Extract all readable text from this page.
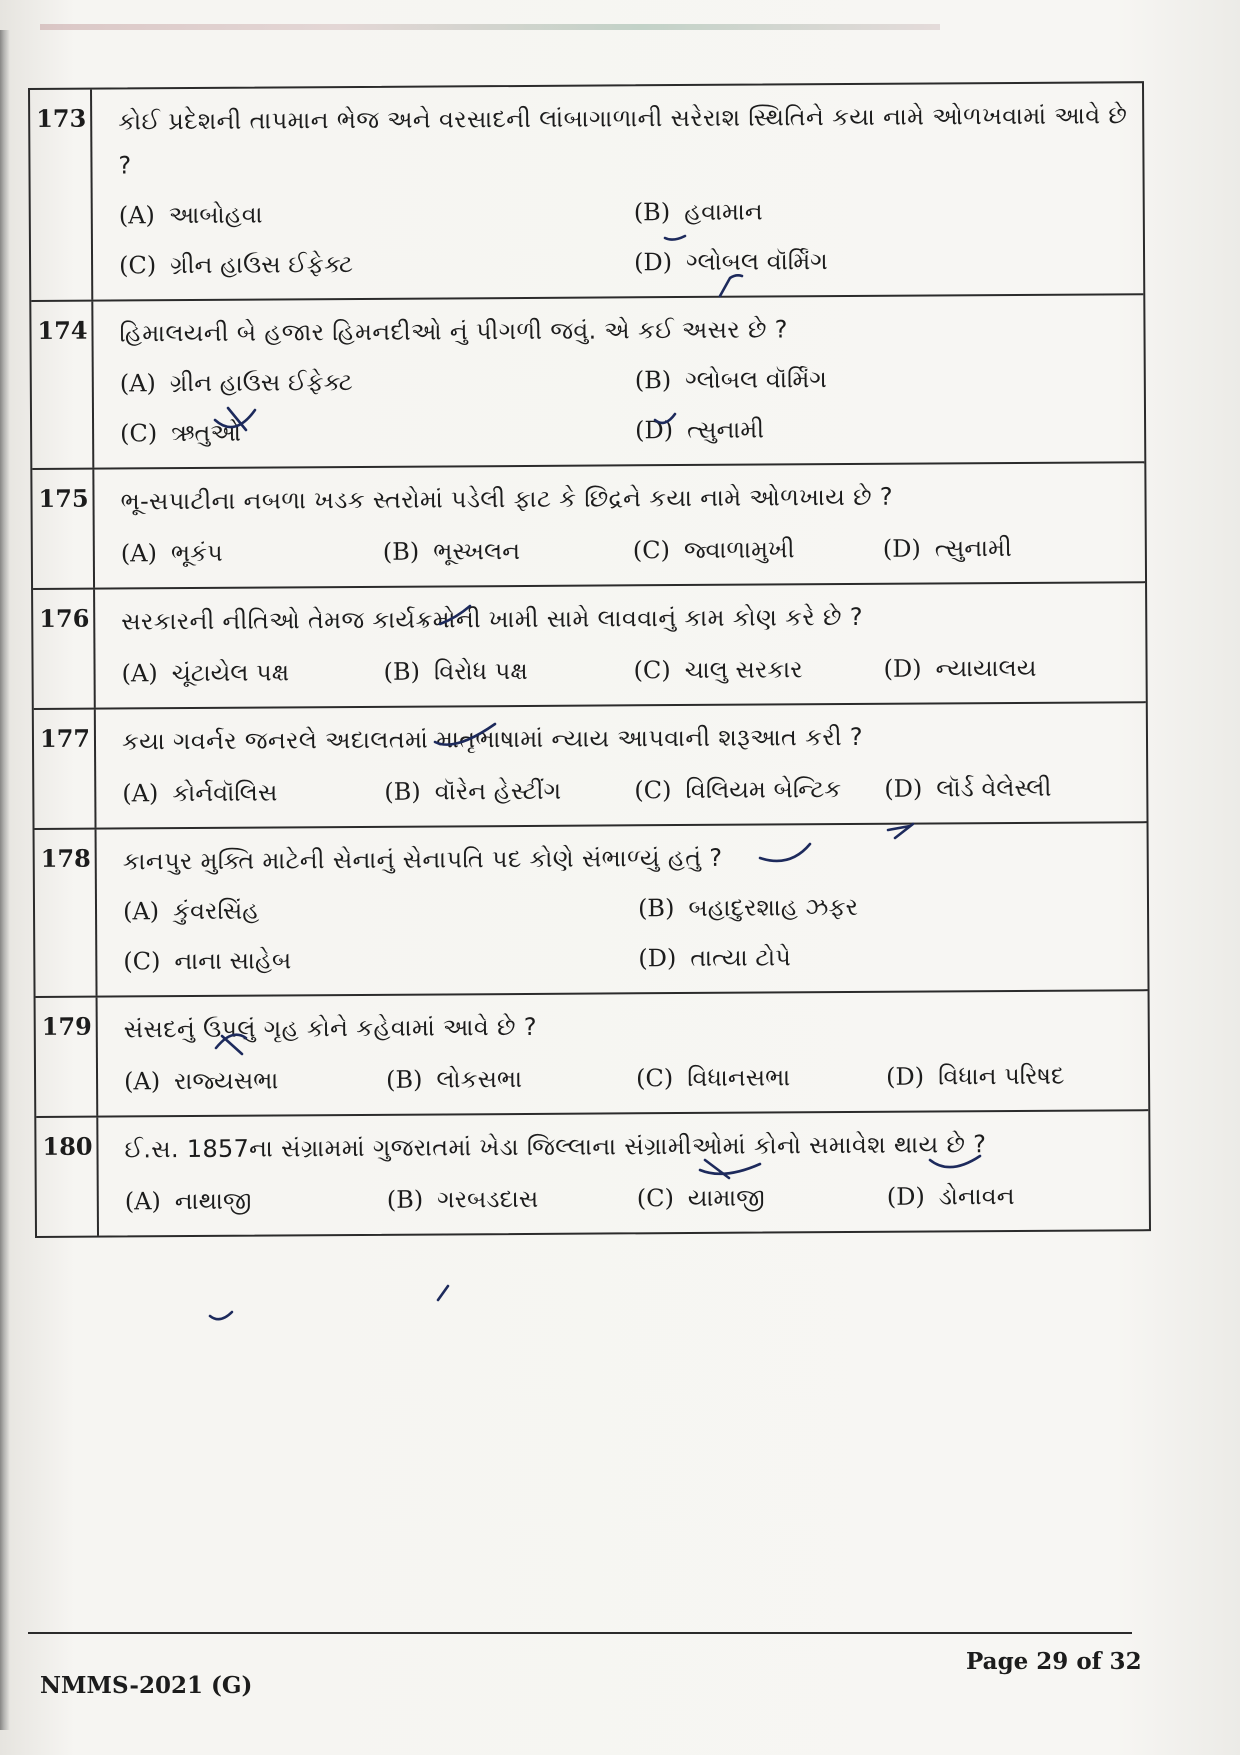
173 કોઈ પ્રદેશની તાપમાન ભેજ અને વરસાદની લાંબાગાળાની સરેરાશ સ્થિતિને કયા નામે ઓળખવામાં આવે છે ?
(A) આબોહવા	(B) હવામાન
(C) ગ્રીન હાઉસ ઈફેક્ટ	(D) ગ્લોબલ વૉર્મિંગ
174 હિમાલયની બે હજાર હિમનદીઓ નું પીગળી જવું. એ કઈ અસર છે ?
(A) ગ્રીન હાઉસ ઈફેક્ટ	(B) ગ્લોબલ વૉર્મિંગ
(C) ઋતુઓ	(D) ત્સુનામી
175 ભૂ-સપાટીના નબળા ખડક સ્તરોમાં પડેલી ફાટ કે છિદ્રને કયા નામે ઓળખાય છે ?
(A) ભૂકંપ	(B) ભૂસ્ખલન	(C) જ્વાળામુખી	(D) ત્સુનામી
176 સરકારની નીતિઓ તેમજ કાર્યક્રમોની ખામી સામે લાવવાનું કામ કોણ કરે છે ?
(A) ચૂંટાયેલ પક્ષ	(B) વિરોધ પક્ષ	(C) ચાલુ સરકાર	(D) ન્યાયાલય
177 કયા ગવર્નર જનરલે અદાલતમાં માતૃભાષામાં ન્યાય આપવાની શરૂઆત કરી ?
(A) કોર્નવૉલિસ	(B) વૉરેન હેસ્ટીંગ	(C) વિલિયમ બેન્ટિક	(D) લૉર્ડ વેલેસ્લી
178 કાનપુર મુક્તિ માટેની સેનાનું સેનાપતિ પદ કોણે સંભાળ્યું હતું ?
(A) કુંવરસિંહ	(B) બહાદુરશાહ ઝફર
(C) નાના સાહેબ	(D) તાત્યા ટોપે
179 સંસદનું ઉપલું ગૃહ કોને કહેવામાં આવે છે ?
(A) રાજ્યસભા	(B) લોકસભા	(C) વિધાનસભા	(D) વિધાન પરિષદ
180 ઈ.સ. 1857ના સંગ્રામમાં ગુજરાતમાં ખેડા જિલ્લાના સંગ્રામીઓમાં કોનો સમાવેશ થાય છે ?
(A) નાથાજી	(B) ગરબડદાસ	(C) યામાજી	(D) ડોનાવન
NMMS-2021 (G)
Page 29 of 32
